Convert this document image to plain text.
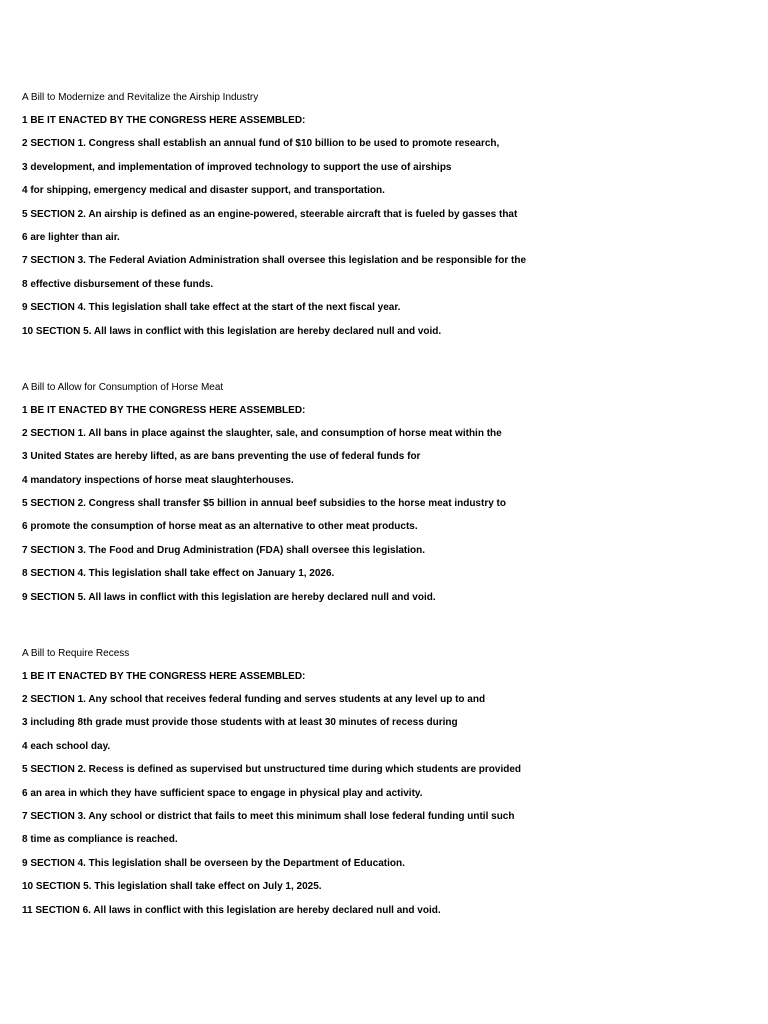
A Bill to Modernize and Revitalize the Airship Industry
1 BE IT ENACTED BY THE CONGRESS HERE ASSEMBLED:
2 SECTION 1. Congress shall establish an annual fund of $10 billion to be used to promote research,
3 development, and implementation of improved technology to support the use of airships
4 for shipping, emergency medical and disaster support, and transportation.
5 SECTION 2. An airship is defined as an engine-powered, steerable aircraft that is fueled by gasses that
6 are lighter than air.
7 SECTION 3. The Federal Aviation Administration shall oversee this legislation and be responsible for the
8 effective disbursement of these funds.
9 SECTION 4. This legislation shall take effect at the start of the next fiscal year.
10 SECTION 5. All laws in conflict with this legislation are hereby declared null and void.
A Bill to Allow for Consumption of Horse Meat
1 BE IT ENACTED BY THE CONGRESS HERE ASSEMBLED:
2 SECTION 1. All bans in place against the slaughter, sale, and consumption of horse meat within the
3 United States are hereby lifted, as are bans preventing the use of federal funds for
4 mandatory inspections of horse meat slaughterhouses.
5 SECTION 2. Congress shall transfer $5 billion in annual beef subsidies to the horse meat industry to
6 promote the consumption of horse meat as an alternative to other meat products.
7 SECTION 3. The Food and Drug Administration (FDA) shall oversee this legislation.
8 SECTION 4. This legislation shall take effect on January 1, 2026.
9 SECTION 5. All laws in conflict with this legislation are hereby declared null and void.
A Bill to Require Recess
1 BE IT ENACTED BY THE CONGRESS HERE ASSEMBLED:
2 SECTION 1. Any school that receives federal funding and serves students at any level up to and
3 including 8th grade must provide those students with at least 30 minutes of recess during
4 each school day.
5 SECTION 2. Recess is defined as supervised but unstructured time during which students are provided
6 an area in which they have sufficient space to engage in physical play and activity.
7 SECTION 3. Any school or district that fails to meet this minimum shall lose federal funding until such
8 time as compliance is reached.
9 SECTION 4. This legislation shall be overseen by the Department of Education.
10 SECTION 5. This legislation shall take effect on July 1, 2025.
11 SECTION 6. All laws in conflict with this legislation are hereby declared null and void.
